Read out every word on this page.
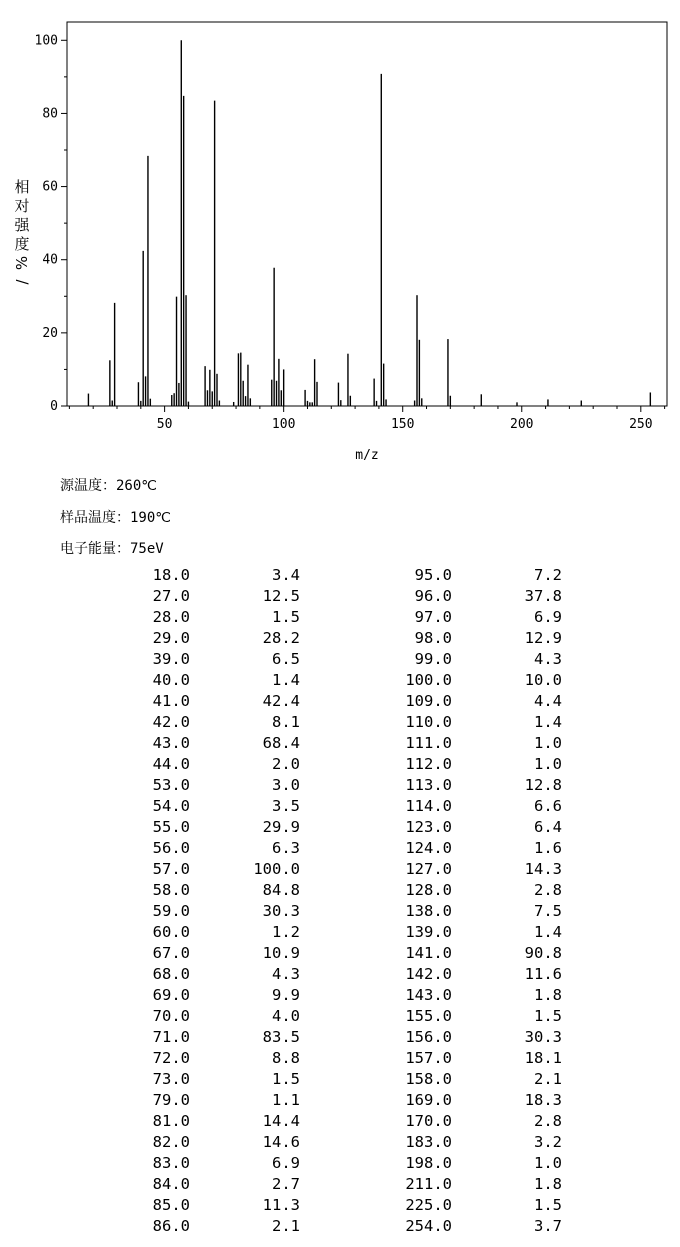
0
20
40
60
80
100
50	100	150	200	250
m/z
相
对
强
度
%
/
源温度：260℃
样品温度：190℃
电子能量：75eV
18.0	3.4	95.0	7.2
27.0	12.5	96.0	37.8
28.0	1.5	97.0	6.9
29.0	28.2	98.0	12.9
39.0	6.5	99.0	4.3
40.0	1.4	100.0	10.0
41.0	42.4	109.0	4.4
42.0	8.1	110.0	1.4
43.0	68.4	111.0	1.0
44.0	2.0	112.0	1.0
53.0	3.0	113.0	12.8
54.0	3.5	114.0	6.6
55.0	29.9	123.0	6.4
56.0	6.3	124.0	1.6
57.0	100.0	127.0	14.3
58.0	84.8	128.0	2.8
59.0	30.3	138.0	7.5
60.0	1.2	139.0	1.4
67.0	10.9	141.0	90.8
68.0	4.3	142.0	11.6
69.0	9.9	143.0	1.8
70.0	4.0	155.0	1.5
71.0	83.5	156.0	30.3
72.0	8.8	157.0	18.1
73.0	1.5	158.0	2.1
79.0	1.1	169.0	18.3
81.0	14.4	170.0	2.8
82.0	14.6	183.0	3.2
83.0	6.9	198.0	1.0
84.0	2.7	211.0	1.8
85.0	11.3	225.0	1.5
86.0	2.1	254.0	3.7
